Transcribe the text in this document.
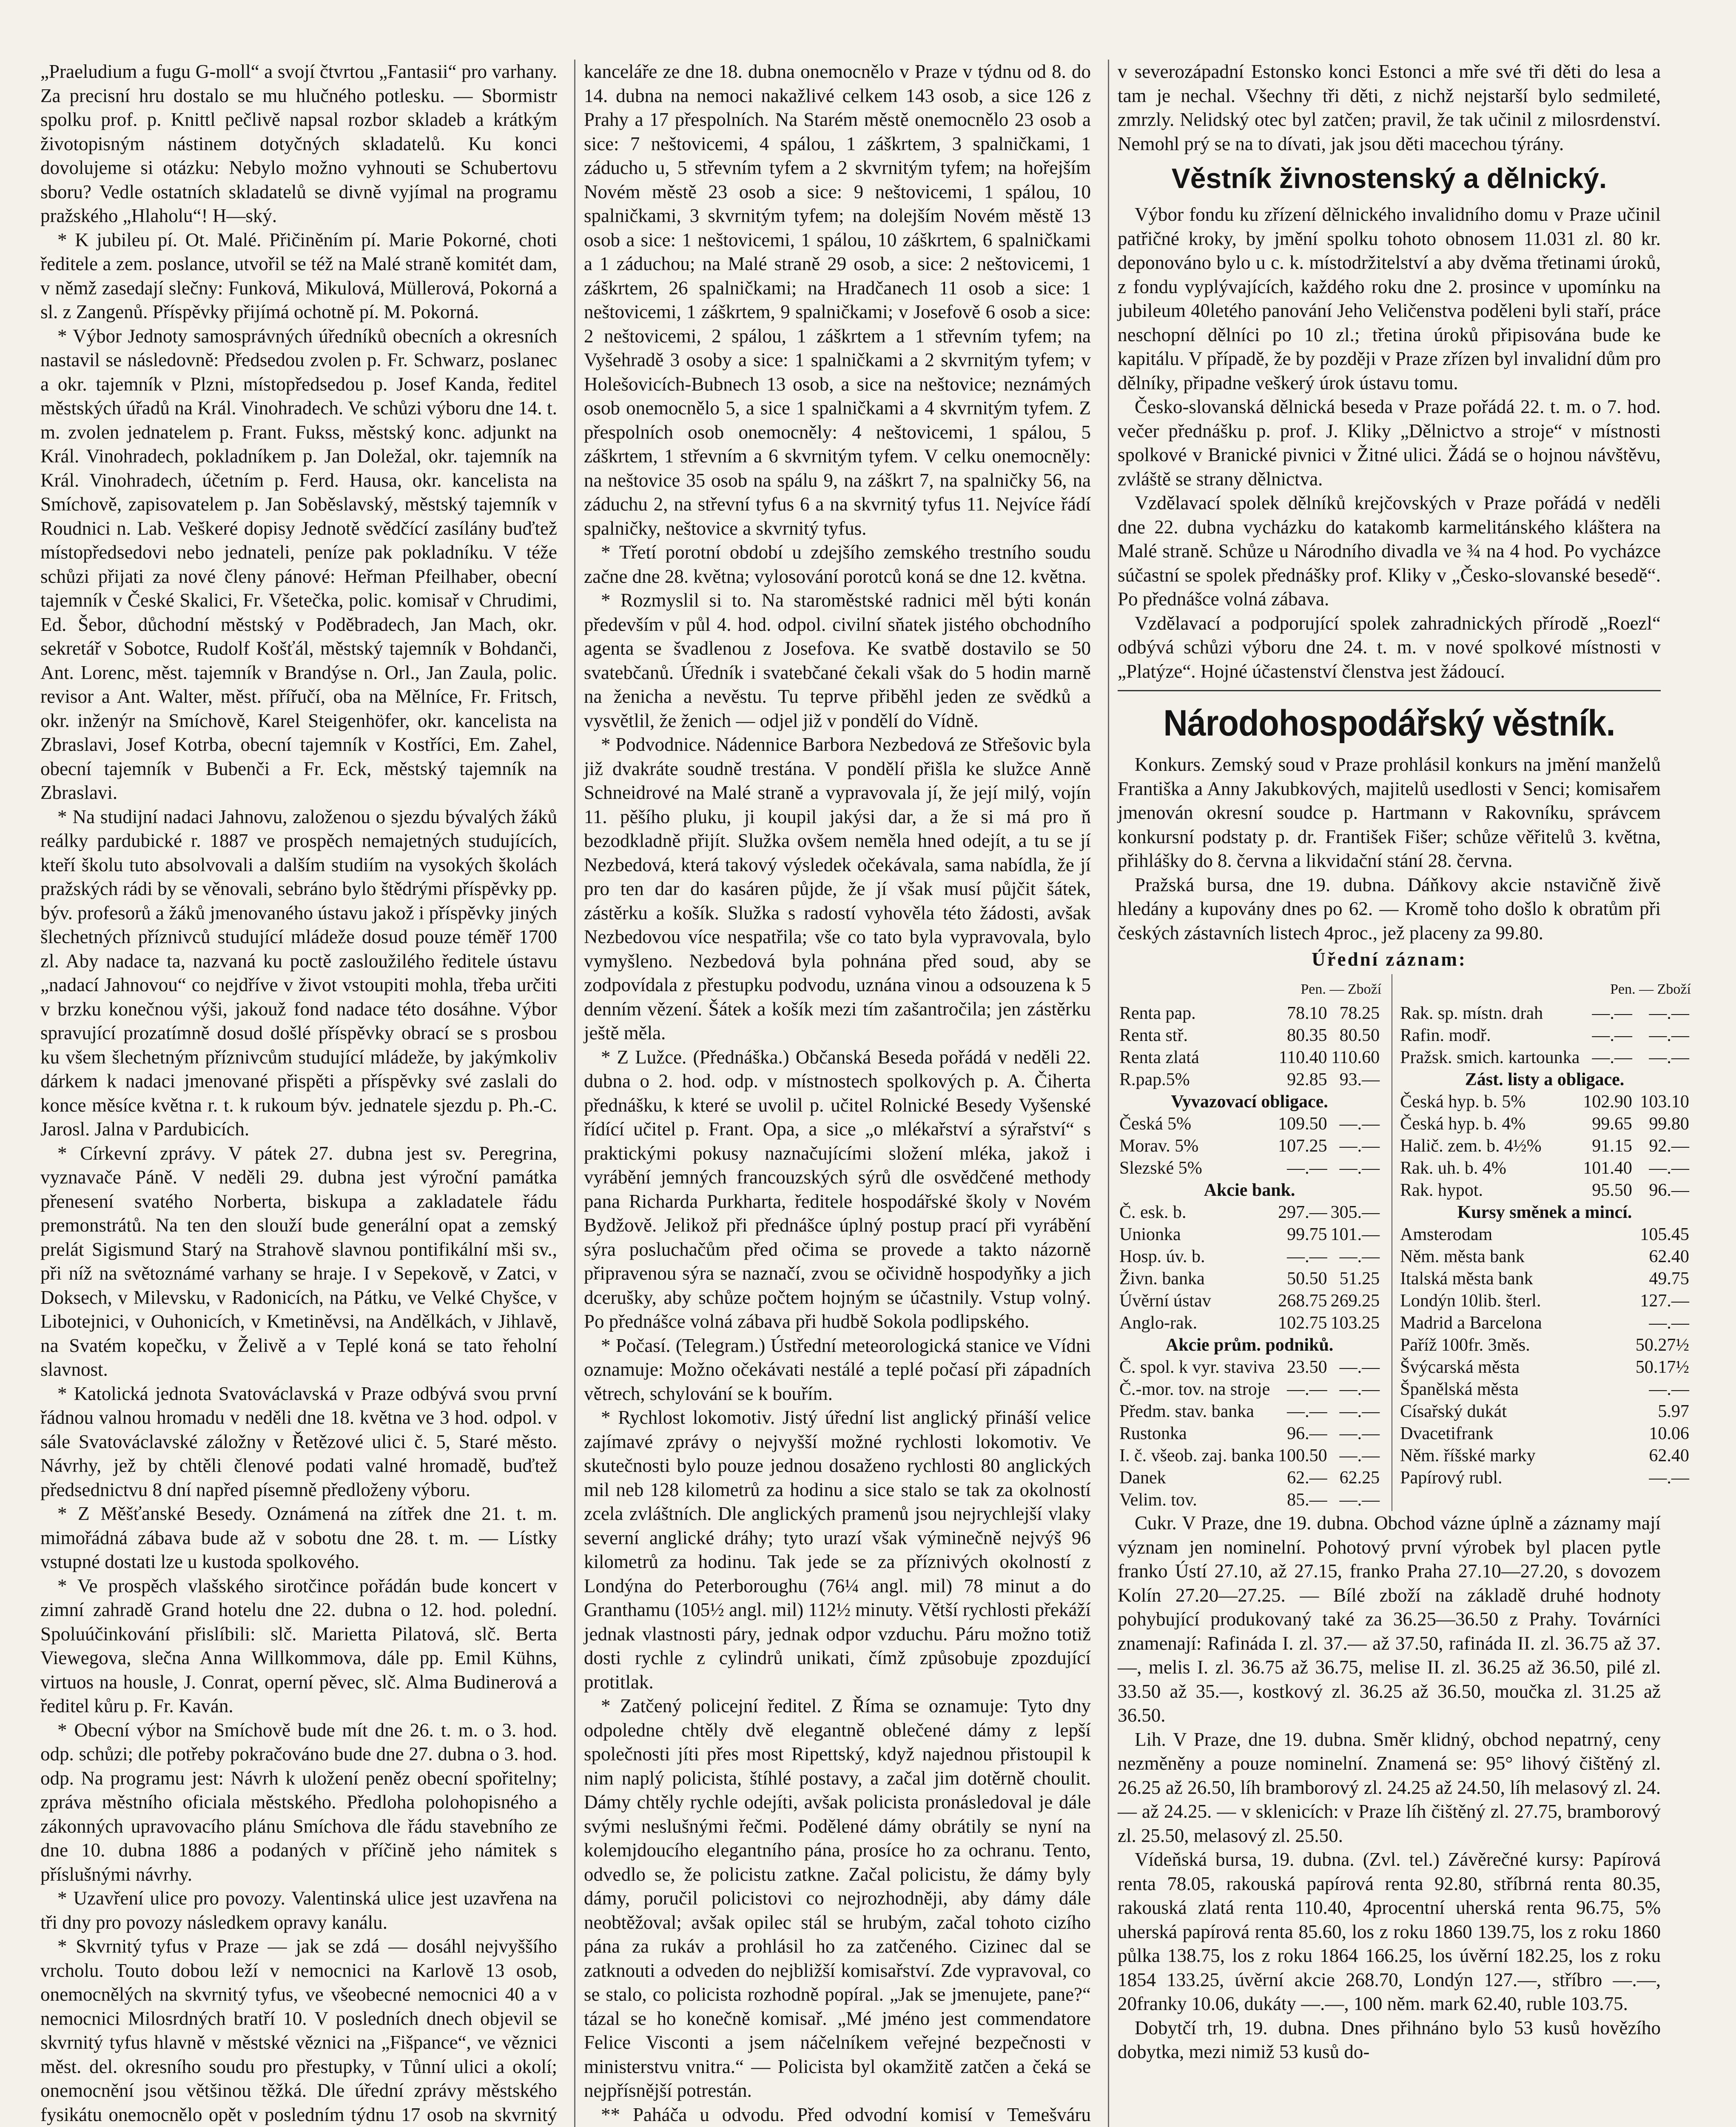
„Praeludium a fugu G-moll“ a svojí čtvrtou „Fantasii“ pro varhany. Za precisní hru dostalo se mu hlučného potlesku. — Sbormistr spolku prof. p. Knittl pečlivě napsal rozbor skladeb a krátkým životopisným nástinem dotyčných skladatelů. Ku konci dovolujeme si otázku: Nebylo možno vyhnouti se Schubertovu sboru? Vedle ostatních skladatelů se divně vyjímal na programu pražského „Hlaholu“! H—ský.

* K jubileu pí. Ot. Malé. Přičiněním pí. Marie Pokorné, choti ředitele a zem. poslance, utvořil se též na Malé straně komitét dam, v němž zasedají slečny: Funková, Mikulová, Müllerová, Pokorná a sl. z Zangenů. Příspěvky přijímá ochotně pí. M. Pokorná.

* Výbor Jednoty samosprávných úředníků obecních a okresních nastavil se následovně: Předsedou zvolen p. Fr. Schwarz, poslanec a okr. tajemník v Plzni, místopředsedou p. Josef Kanda, ředitel městských úřadů na Král. Vinohradech. Ve schůzi výboru dne 14. t. m. zvolen jednatelem p. Frant. Fukss, městský konc. adjunkt na Král. Vinohradech, pokladníkem p. Jan Doležal, okr. tajemník na Král. Vinohradech, účetním p. Ferd. Hausa, okr. kancelista na Smíchově, zapisovatelem p. Jan Soběslavský, městský tajemník v Roudnici n. Lab. Veškeré dopisy Jednotě svědčící zasílány buďtež místopředsedovi nebo jednateli, peníze pak pokladníku. V téže schůzi přijati za nové členy pánové: Heřman Pfeilhaber, obecní tajemník v České Skalici, Fr. Všetečka, polic. komisař v Chrudimi, Ed. Šebor, důchodní městský v Poděbradech, Jan Mach, okr. sekretář v Sobotce, Rudolf Košťál, městský tajemník v Bohdanči, Ant. Lorenc, měst. tajemník v Brandýse n. Orl., Jan Zaula, polic. revisor a Ant. Walter, měst. přířučí, oba na Mělníce, Fr. Fritsch, okr. inženýr na Smíchově, Karel Steigenhöfer, okr. kancelista na Zbraslavi, Josef Kotrba, obecní tajemník v Kostříci, Em. Zahel, obecní tajemník v Bubenči a Fr. Eck, městský tajemník na Zbraslavi.

* Na studijní nadaci Jahnovu, založenou o sjezdu bývalých žáků reálky pardubické r. 1887 ve prospěch nemajetných studujících, kteří školu tuto absolvovali a dalším studiím na vysokých školách pražských rádi by se věnovali, sebráno bylo štědrými příspěvky pp. býv. profesorů a žáků jmenovaného ústavu jakož i příspěvky jiných šlechetných příznivců studující mládeže dosud pouze téměř 1700 zl. Aby nadace ta, nazvaná ku poctě zasloužilého ředitele ústavu „nadací Jahnovou“ co nejdříve v život vstoupiti mohla, třeba určiti v brzku konečnou výši, jakouž fond nadace této dosáhne. Výbor spravující prozatímně dosud došlé příspěvky obrací se s prosbou ku všem šlechetným příznivcům studující mládeže, by jakýmkoliv dárkem k nadaci jmenované přispěti a příspěvky své zaslali do konce měsíce května r. t. k rukoum býv. jednatele sjezdu p. Ph.-C. Jarosl. Jalna v Pardubicích.

* Církevní zprávy. V pátek 27. dubna jest sv. Peregrina, vyznavače Páně. V neděli 29. dubna jest výroční památka přenesení svatého Norberta, biskupa a zakladatele řádu premonstrátů. Na ten den slouží bude generální opat a zemský prelát Sigismund Starý na Strahově slavnou pontifikální mši sv., při níž na světoznámé varhany se hraje. I v Sepekově, v Zatci, v Doksech, v Milevsku, v Radonicích, na Pátku, ve Velké Chyšce, v Libotejnici, v Ouhonicích, v Kmetiněvsi, na Andělkách, v Jihlavě, na Svatém kopečku, v Želivě a v Teplé koná se tato řeholní slavnost.

* Katolická jednota Svatováclavská v Praze odbývá svou první řádnou valnou hromadu v neděli dne 18. května ve 3 hod. odpol. v sále Svatováclavské záložny v Řetězové ulici č. 5, Staré město. Návrhy, jež by chtěli členové podati valné hromadě, buďtež předsednictvu 8 dní napřed písemně předloženy výboru.

* Z Měšťanské Besedy. Oznámená na zítřek dne 21. t. m. mimořádná zábava bude až v sobotu dne 28. t. m. — Lístky vstupné dostati lze u kustoda spolkového.

* Ve prospěch vlašského sirotčince pořádán bude koncert v zimní zahradě Grand hotelu dne 22. dubna o 12. hod. polední. Spoluúčinkování přislíbili: slč. Marietta Pilatová, slč. Berta Viewegova, slečna Anna Willkommova, dále pp. Emil Kühns, virtuos na housle, J. Conrat, operní pěvec, slč. Alma Budinerová a ředitel kůru p. Fr. Kaván.

* Obecní výbor na Smíchově bude mít dne 26. t. m. o 3. hod. odp. schůzi; dle potřeby pokračováno bude dne 27. dubna o 3. hod. odp. Na programu jest: Návrh k uložení peněz obecní spořitelny; zpráva městního oficiala městského. Předloha polohopisného a zákonných upravovacího plánu Smíchova dle řádu stavebního ze dne 10. dubna 1886 a podaných v příčině jeho námitek s příslušnými návrhy.

* Uzavření ulice pro povozy. Valentinská ulice jest uzavřena na tři dny pro povozy následkem opravy kanálu.

* Skvrnitý tyfus v Praze — jak se zdá — dosáhl nejvyššího vrcholu. Touto dobou leží v nemocnici na Karlově 13 osob, onemocnělých na skvrnitý tyfus, ve všeobecné nemocnici 40 a v nemocnici Milosrdných bratří 10. V posledních dnech objevil se skvrnitý tyfus hlavně v městské věznici na „Fišpance“, ve věznici měst. del. okresního soudu pro přestupky, v Tůnní ulici a okolí; onemocnění jsou většinou těžká. Dle úřední zprávy městského fysikátu onemocnělo opět v posledním týdnu 17 osob na skvrnitý

kanceláře ze dne 18. dubna onemocnělo v Praze v týdnu od 8. do 14. dubna na nemoci nakažlivé celkem 143 osob, a sice 126 z Prahy a 17 přespolních. Na Starém městě onemocnělo 23 osob a sice: 7 neštovicemi, 4 spálou, 1 záškrtem, 3 spalničkami, 1 záducho u, 5 střevním tyfem a 2 skvrnitým tyfem; na hořejším Novém městě 23 osob a sice: 9 neštovicemi, 1 spálou, 10 spalničkami, 3 skvrnitým tyfem; na dolejším Novém městě 13 osob a sice: 1 neštovicemi, 1 spálou, 10 záškrtem, 6 spalničkami a 1 záduchou; na Malé straně 29 osob, a sice: 2 neštovicemi, 1 záškrtem, 26 spalničkami; na Hradčanech 11 osob a sice: 1 neštovicemi, 1 záškrtem, 9 spalničkami; v Josefově 6 osob a sice: 2 neštovicemi, 2 spálou, 1 záškrtem a 1 střevním tyfem; na Vyšehradě 3 osoby a sice: 1 spalničkami a 2 skvrnitým tyfem; v Holešovicích-Bubnech 13 osob, a sice na neštovice; neznámých osob onemocnělo 5, a sice 1 spalničkami a 4 skvrnitým tyfem. Z přespolních osob onemocněly: 4 neštovicemi, 1 spálou, 5 záškrtem, 1 střevním a 6 skvrnitým tyfem. V celku onemocněly: na neštovice 35 osob na spálu 9, na záškrt 7, na spalničky 56, na záduchu 2, na střevní tyfus 6 a na skvrnitý tyfus 11. Nejvíce řádí spalničky, neštovice a skvrnitý tyfus.

* Třetí porotní období u zdejšího zemského trestního soudu začne dne 28. května; vylosování porotců koná se dne 12. května.

* Rozmyslil si to. Na staroměstské radnici měl býti konán především v půl 4. hod. odpol. civilní sňatek jistého obchodního agenta se švadlenou z Josefova. Ke svatbě dostavilo se 50 svatebčanů. Úředník i svatebčané čekali však do 5 hodin marně na ženicha a nevěstu. Tu teprve přiběhl jeden ze svědků a vysvětlil, že ženich — odjel již v pondělí do Vídně.

* Podvodnice. Nádennice Barbora Nezbedová ze Střešovic byla již dvakráte soudně trestána. V pondělí přišla ke služce Anně Schneidrové na Malé straně a vypravovala jí, že její milý, vojín 11. pěšího pluku, ji koupil jakýsi dar, a že si má pro ň bezodkladně přijít. Služka ovšem neměla hned odejít, a tu se jí Nezbedová, která takový výsledek očekávala, sama nabídla, že jí pro ten dar do kasáren půjde, že jí však musí půjčit šátek, zástěrku a košík. Služka s radostí vyhověla této žádosti, avšak Nezbedovou více nespatřila; vše co tato byla vypravovala, bylo vymyšleno. Nezbedová byla pohnána před soud, aby se zodpovídala z přestupku podvodu, uznána vinou a odsouzena k 5 denním vězení. Šátek a košík mezi tím zašantročila; jen zástěrku ještě měla.

* Z Lužce. (Přednáška.) Občanská Beseda pořádá v neděli 22. dubna o 2. hod. odp. v místnostech spolkových p. A. Čiherta přednášku, k které se uvolil p. učitel Rolnické Besedy Vyšenské řídící učitel p. Frant. Opa, a sice „o mlékařství a sýrařství“ s praktickými pokusy naznačujícími složení mléka, jakož i vyrábění jemných francouzských sýrů dle osvědčené methody pana Richarda Purkharta, ředitele hospodářské školy v Novém Bydžově. Jelikož při přednášce úplný postup prací při vyrábění sýra posluchačům před očima se provede a takto názorně připravenou sýra se naznačí, zvou se očividně hospodyňky a jich dcerušky, aby schůze počtem hojným se účastnily. Vstup volný. Po přednášce volná zábava při hudbě Sokola podlipského.

* Počasí. (Telegram.) Ústřední meteorologická stanice ve Vídni oznamuje: Možno očekávati nestálé a teplé počasí při západních větrech, schylování se k bouřím.

* Rychlost lokomotiv. Jistý úřední list anglický přináší velice zajímavé zprávy o nejvyšší možné rychlosti lokomotiv. Ve skutečnosti bylo pouze jednou dosaženo rychlosti 80 anglických mil neb 128 kilometrů za hodinu a sice stalo se tak za okolností zcela zvláštních. Dle anglických pramenů jsou nejrychlejší vlaky severní anglické dráhy; tyto urazí však výminečně nejvýš 96 kilometrů za hodinu. Tak jede se za příznivých okolností z Londýna do Peterboroughu (76¼ angl. mil) 78 minut a do Granthamu (105½ angl. mil) 112½ minuty. Větší rychlosti překáží jednak vlastnosti páry, jednak odpor vzduchu. Páru možno totiž dosti rychle z cylindrů unikati, čímž způsobuje zpozdující protitlak.

* Zatčený policejní ředitel. Z Říma se oznamuje: Tyto dny odpoledne chtěly dvě elegantně oblečené dámy z lepší společnosti jíti přes most Ripettský, když najednou přistoupil k nim naplý policista, štíhlé postavy, a začal jim dotěrně choulit. Dámy chtěly rychle odejíti, avšak policista pronásledoval je dále svými neslušnými řečmi. Podělené dámy obrátily se nyní na kolemjdoucího elegantního pána, prosíce ho za ochranu. Tento, odvedlo se, že policistu zatkne. Začal policistu, že dámy byly dámy, poručil policistovi co nejrozhodněji, aby dámy dále neobtěžoval; avšak opilec stál se hrubým, začal tohoto cizího pána za rukáv a prohlásil ho za zatčeného. Cizinec dal se zatknouti a odveden do nejbližší komisařství. Zde vypravoval, co se stalo, co policista rozhodně popíral. „Jak se jmenujete, pane?“ tázal se ho konečně komisař. „Mé jméno jest commendatore Felice Visconti a jsem náčelníkem veřejné bezpečnosti v ministerstvu vnitra.“ — Policista byl okamžitě zatčen a čeká se nejpřísnější potrestán.

** Paháča u odvodu. Před odvodní komisí v Temešváru

v severozápadní Estonsko konci Estonci a mře své tři děti do lesa a tam je nechal. Všechny tři děti, z nichž nejstarší bylo sedmileté, zmrzly. Nelidský otec byl zatčen; pravil, že tak učinil z milosrdenství. Nemohl prý se na to dívati, jak jsou děti macechou týrány.

Věstník živnostenský a dělnický.

Výbor fondu ku zřízení dělnického invalidního domu v Praze učinil patřičné kroky, by jmění spolku tohoto obnosem 11.031 zl. 80 kr. deponováno bylo u c. k. místodržitelství a aby dvěma třetinami úroků, z fondu vyplývajících, každého roku dne 2. prosince v upomínku na jubileum 40letého panování Jeho Veličenstva poděleni byli staří, práce neschopní dělníci po 10 zl.; třetina úroků připisována bude ke kapitálu. V případě, že by později v Praze zřízen byl invalidní dům pro dělníky, připadne veškerý úrok ústavu tomu.

Česko-slovanská dělnická beseda v Praze pořádá 22. t. m. o 7. hod. večer přednášku p. prof. J. Kliky „Dělnictvo a stroje“ v místnosti spolkové v Branické pivnici v Žitné ulici. Žádá se o hojnou návštěvu, zvláště se strany dělnictva.

Vzdělavací spolek dělníků krejčovských v Praze pořádá v neděli dne 22. dubna vycházku do katakomb karmelitánského kláštera na Malé straně. Schůze u Národního divadla ve ¾ na 4 hod. Po vycházce súčastní se spolek přednášky prof. Kliky v „Česko-slovanské besedě“. Po přednášce volná zábava.

Vzdělavací a podporující spolek zahradnických přírodě „Roezl“ odbývá schůzi výboru dne 24. t. m. v nové spolkové místnosti v „Platýze“. Hojné účastenství členstva jest žádoucí.

Národohospodářský věstník.

Konkurs. Zemský soud v Praze prohlásil konkurs na jmění manželů Františka a Anny Jakubkových, majitelů usedlosti v Senci; komisařem jmenován okresní soudce p. Hartmann v Rakovníku, správcem konkursní podstaty p. dr. František Fišer; schůze věřitelů 3. května, přihlášky do 8. června a likvidační stání 28. června.

Pražská bursa, dne 19. dubna. Dáňkovy akcie nstavičně živě hledány a kupovány dnes po 62. — Kromě toho došlo k obratům při českých zástavních listech 4proc., jež placeny za 99.80.

Úřední záznam:
Pen. — Zboží
Renta pap.	78.10	78.25
Renta stř.	80.35	80.50
Renta zlatá	110.40	110.60
R.pap.5%	92.85	93.—
Vyvazovací obligace.		
Česká 5%	109.50	—.—
Morav. 5%	107.25	—.—
Slezské 5%	—.—	—.—
Akcie bank.		
Č. esk. b.	297.—	305.—
Unionka	99.75	101.—
Hosp. úv. b.	—.—	—.—
Živn. banka	50.50	51.25
Úvěrní ústav	268.75	269.25
Anglo-rak.	102.75	103.25
Akcie prům. podniků.		
Č. spol. k vyr. staviva	23.50	—.—
Č.-mor. tov. na stroje	—.—	—.—
Předm. stav. banka	—.—	—.—
Rustonka	96.—	—.—
I. č. všeob. zaj. banka	100.50	—.—
Danek	62.—	62.25
Velim. tov.	85.—	—.—
Pen. — Zboží
Rak. sp. místn. drah	—.—	—.—
Rafin. modř.	—.—	—.—
Pražsk. smich. kartounka	—.—	—.—
Zást. listy a obligace.		
Česká hyp. b. 5%	102.90	103.10
Česká hyp. b. 4%	99.65	99.80
Halič. zem. b. 4½%	91.15	92.—
Rak. uh. b. 4%	101.40	—.—
Rak. hypot.	95.50	96.—
Kursy směnek a mincí.		
Amsterodam		105.45
Něm. města bank		62.40
Italská města bank		49.75
Londýn 10lib. šterl.		127.—
Madrid a Barcelona		—.—
Paříž 100fr. 3měs.		50.27½
Švýcarská města		50.17½
Španělská města		—.—
Císařský dukát		5.97
Dvacetifrank		10.06
Něm. říšské marky		62.40
Papírový rubl.		—.—

Cukr. V Praze, dne 19. dubna. Obchod vázne úplně a záznamy mají význam jen nominelní. Pohotový první výrobek byl placen pytle franko Ústí 27.10, až 27.15, franko Praha 27.10—27.20, s dovozem Kolín 27.20—27.25. — Bílé zboží na základě druhé hodnoty pohybující produkovaný také za 36.25—36.50 z Prahy. Továrníci znamenají: Rafináda I. zl. 37.— až 37.50, rafináda II. zl. 36.75 až 37.—, melis I. zl. 36.75 až 36.75, melise II. zl. 36.25 až 36.50, pilé zl. 33.50 až 35.—, kostkový zl. 36.25 až 36.50, moučka zl. 31.25 až 36.50.

Lih. V Praze, dne 19. dubna. Směr klidný, obchod nepatrný, ceny nezměněny a pouze nominelní. Znamená se: 95° lihový čištěný zl. 26.25 až 26.50, líh bramborový zl. 24.25 až 24.50, líh melasový zl. 24.— až 24.25. — v sklenicích: v Praze líh čištěný zl. 27.75, bramborový zl. 25.50, melasový zl. 25.50.

Vídeňská bursa, 19. dubna. (Zvl. tel.) Závěrečné kursy: Papírová renta 78.05, rakouská papírová renta 92.80, stříbrná renta 80.35, rakouská zlatá renta 110.40, 4procentní uherská renta 96.75, 5% uherská papírová renta 85.60, los z roku 1860 139.75, los z roku 1860 půlka 138.75, los z roku 1864 166.25, los úvěrní 182.25, los z roku 1854 133.25, úvěrní akcie 268.70, Londýn 127.—, stříbro —.—, 20franky 10.06, dukáty —.—, 100 něm. mark 62.40, ruble 103.75.

Dobytčí trh, 19. dubna. Dnes přihnáno bylo 53 kusů hovězího dobytka, mezi nimiž 53 kusů do-
